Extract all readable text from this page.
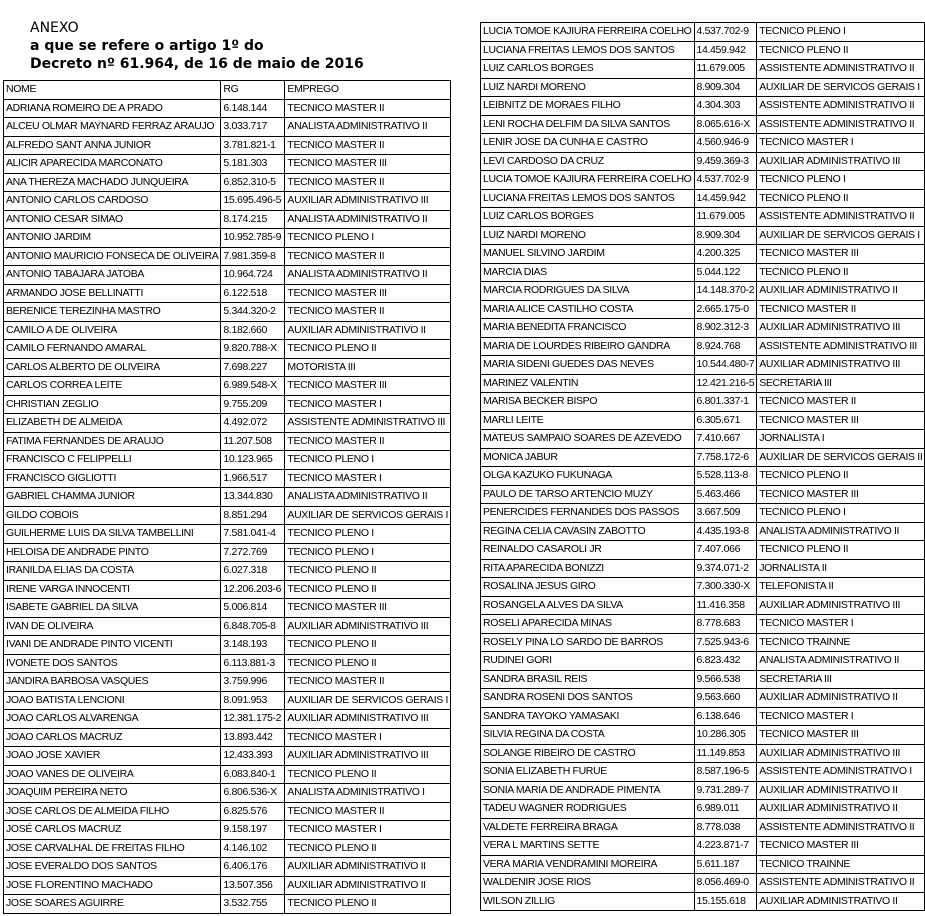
ANEXO
a que se refere o artigo 1º do
Decreto nº 61.964, de 16 de maio de 2016
NOME	RG	EMPREGO
ADRIANA ROMEIRO DE A PRADO	6.148.144	TECNICO MASTER II
ALCEU OLMAR MAYNARD FERRAZ ARAUJO	3.033.717	ANALISTA ADMINISTRATIVO II
ALFREDO SANT ANNA JUNIOR	3.781.821-1	TECNICO MASTER II
ALICIR APARECIDA MARCONATO	5.181.303	TECNICO MASTER III
ANA THEREZA MACHADO JUNQUEIRA	6.852.310-5	TECNICO MASTER II
ANTONIO CARLOS CARDOSO	15.695.496-5	AUXILIAR ADMINISTRATIVO III
ANTONIO CESAR SIMAO	8.174.215	ANALISTA ADMINISTRATIVO II
ANTONIO JARDIM	10.952.785-9	TECNICO PLENO I
ANTONIO MAURICIO FONSECA DE OLIVEIRA	7.981.359-8	TECNICO MASTER II
ANTONIO TABAJARA JATOBA	10.964.724	ANALISTA ADMINISTRATIVO II
ARMANDO JOSE BELLINATTI	6.122.518	TECNICO MASTER III
BERENICE TEREZINHA MASTRO	5.344.320-2	TECNICO MASTER II
CAMILO A DE OLIVEIRA	8.182.660	AUXILIAR ADMINISTRATIVO II
CAMILO FERNANDO AMARAL	9.820.788-X	TECNICO PLENO II
CARLOS ALBERTO DE OLIVEIRA	7.698.227	MOTORISTA III
CARLOS CORREA LEITE	6.989.548-X	TECNICO MASTER III
CHRISTIAN ZEGLIO	9.755.209	TECNICO MASTER I
ELIZABETH DE ALMEIDA	4.492.072	ASSISTENTE ADMINISTRATIVO III
FATIMA FERNANDES DE ARAUJO	11.207.508	TECNICO MASTER II
FRANCISCO C FELIPPELLI	10.123.965	TECNICO PLENO I
FRANCISCO GIGLIOTTI	1.966.517	TECNICO MASTER I
GABRIEL CHAMMA JUNIOR	13.344.830	ANALISTA ADMINISTRATIVO II
GILDO COBOIS	8.851.294	AUXILIAR DE SERVICOS GERAIS I
GUILHERME LUIS DA SILVA TAMBELLINI	7.581.041-4	TECNICO PLENO I
HELOISA DE ANDRADE PINTO	7.272.769	TECNICO PLENO I
IRANILDA ELIAS DA COSTA	6.027.318	TECNICO PLENO II
IRENE VARGA INNOCENTI	12.206.203-6	TECNICO PLENO II
ISABETE GABRIEL DA SILVA	5.006.814	TECNICO MASTER III
IVAN DE OLIVEIRA	6.848.705-8	AUXILIAR ADMINISTRATIVO III
IVANI DE ANDRADE PINTO VICENTI	3.148.193	TECNICO PLENO II
IVONETE DOS SANTOS	6.113.881-3	TECNICO PLENO II
JANDIRA BARBOSA VASQUES	3.759.996	TECNICO MASTER II
JOAO BATISTA LENCIONI	8.091.953	AUXILIAR DE SERVICOS GERAIS I
JOAO CARLOS ALVARENGA	12.381.175-2	AUXILIAR ADMINISTRATIVO III
JOAO CARLOS MACRUZ	13.893.442	TECNICO MASTER I
JOAO JOSE XAVIER	12.433.393	AUXILIAR ADMINISTRATIVO III
JOAO VANES DE OLIVEIRA	6.083.840-1	TECNICO PLENO II
JOAQUIM PEREIRA NETO	6.806.536-X	ANALISTA ADMINISTRATIVO I
JOSE CARLOS DE ALMEIDA FILHO	6.825.576	TECNICO MASTER II
JOSÉ CARLOS MACRUZ	9.158.197	TECNICO MASTER I
JOSE CARVALHAL DE FREITAS FILHO	4.146.102	TECNICO PLENO II
JOSE EVERALDO DOS SANTOS	6.406.176	AUXILIAR ADMINISTRATIVO II
JOSE FLORENTINO MACHADO	13.507.356	AUXILIAR ADMINISTRATIVO II
JOSE SOARES AGUIRRE	3.532.755	TECNICO PLENO II
LUCIA TOMOE KAJIURA FERREIRA COELHO	4.537.702-9	TECNICO PLENO I
LUCIANA FREITAS LEMOS DOS SANTOS	14.459.942	TECNICO PLENO II
LUIZ CARLOS BORGES	11.679.005	ASSISTENTE ADMINISTRATIVO II
LUIZ NARDI MORENO	8.909.304	AUXILIAR DE SERVICOS GERAIS I
LEIBNITZ DE MORAES FILHO	4.304.303	ASSISTENTE ADMINISTRATIVO II
LENI ROCHA DELFIM DA SILVA SANTOS	8.065.616-X	ASSISTENTE ADMINISTRATIVO II
LENIR JOSE DA CUNHA E CASTRO	4.560.946-9	TECNICO MASTER I
LEVI CARDOSO DA CRUZ	9.459.369-3	AUXILIAR ADMINISTRATIVO III
LUCIA TOMOE KAJIURA FERREIRA COELHO	4.537.702-9	TECNICO PLENO I
LUCIANA FREITAS LEMOS DOS SANTOS	14.459.942	TECNICO PLENO II
LUIZ CARLOS BORGES	11.679.005	ASSISTENTE ADMINISTRATIVO II
LUIZ NARDI MORENO	8.909.304	AUXILIAR DE SERVICOS GERAIS I
MANUEL SILVINO JARDIM	4.200.325	TECNICO MASTER III
MARCIA DIAS	5.044.122	TECNICO PLENO II
MARCIA RODRIGUES DA SILVA	14.148.370-2	AUXILIAR ADMINISTRATIVO II
MARIA ALICE CASTILHO COSTA	2.665.175-0	TECNICO MASTER II
MARIA BENEDITA FRANCISCO	8.902.312-3	AUXILIAR ADMINISTRATIVO III
MARIA DE LOURDES RIBEIRO GANDRA	8.924.768	ASSISTENTE ADMINISTRATIVO III
MARIA SIDENI GUEDES DAS NEVES	10.544.480-7	AUXILIAR ADMINISTRATIVO III
MARINEZ VALENTIN	12.421.216-5	SECRETARIA III
MARISA BECKER BISPO	6.801.337-1	TECNICO MASTER II
MARLI LEITE	6.305.671	TECNICO MASTER III
MATEUS SAMPAIO SOARES DE AZEVEDO	7.410.667	JORNALISTA I
MONICA JABUR	7.758.172-6	AUXILIAR DE SERVICOS GERAIS II
OLGA KAZUKO FUKUNAGA	5.528.113-8	TECNICO PLENO II
PAULO DE TARSO ARTENCIO MUZY	5.463.466	TECNICO MASTER III
PENERCIDES FERNANDES DOS PASSOS	3.667.509	TECNICO PLENO I
REGINA CELIA CAVASIN ZABOTTO	4.435.193-8	ANALISTA ADMINISTRATIVO II
REINALDO CASAROLI JR	7.407.066	TECNICO PLENO II
RITA APARECIDA BONIZZI	9.374.071-2	JORNALISTA II
ROSALINA JESUS GIRO	7.300.330-X	TELEFONISTA II
ROSANGELA ALVES DA SILVA	11.416.358	AUXILIAR ADMINISTRATIVO III
ROSELI APARECIDA MINAS	8.778.683	TECNICO MASTER I
ROSELY PINA LO SARDO DE BARROS	7.525.943-6	TECNICO TRAINNE
RUDINEI GORI	6.823.432	ANALISTA ADMINISTRATIVO II
SANDRA BRASIL REIS	9.566.538	SECRETARIA III
SANDRA ROSENI DOS SANTOS	9.563.660	AUXILIAR ADMINISTRATIVO II
SANDRA TAYOKO YAMASAKI	6.138.646	TECNICO MASTER I
SILVIA REGINA DA COSTA	10.286.305	TECNICO MASTER III
SOLANGE RIBEIRO DE CASTRO	11.149.853	AUXILIAR ADMINISTRATIVO III
SONIA ELIZABETH FURUE	8.587.196-5	ASSISTENTE ADMINISTRATIVO I
SONIA MARIA DE ANDRADE PIMENTA	9.731.289-7	AUXILIAR ADMINISTRATIVO II
TADEU WAGNER RODRIGUES	6.989.011	AUXILIAR ADMINISTRATIVO II
VALDETE FERREIRA BRAGA	8.778.038	ASSISTENTE ADMINISTRATIVO II
VERA L MARTINS SETTE	4.223.871-7	TECNICO MASTER III
VERA MARIA VENDRAMINI MOREIRA	5.611.187	TECNICO TRAINNE
WALDENIR JOSE RIOS	8.056.469-0	ASSISTENTE ADMINISTRATIVO II
WILSON ZILLIG	15.155.618	AUXILIAR ADMINISTRATIVO II
